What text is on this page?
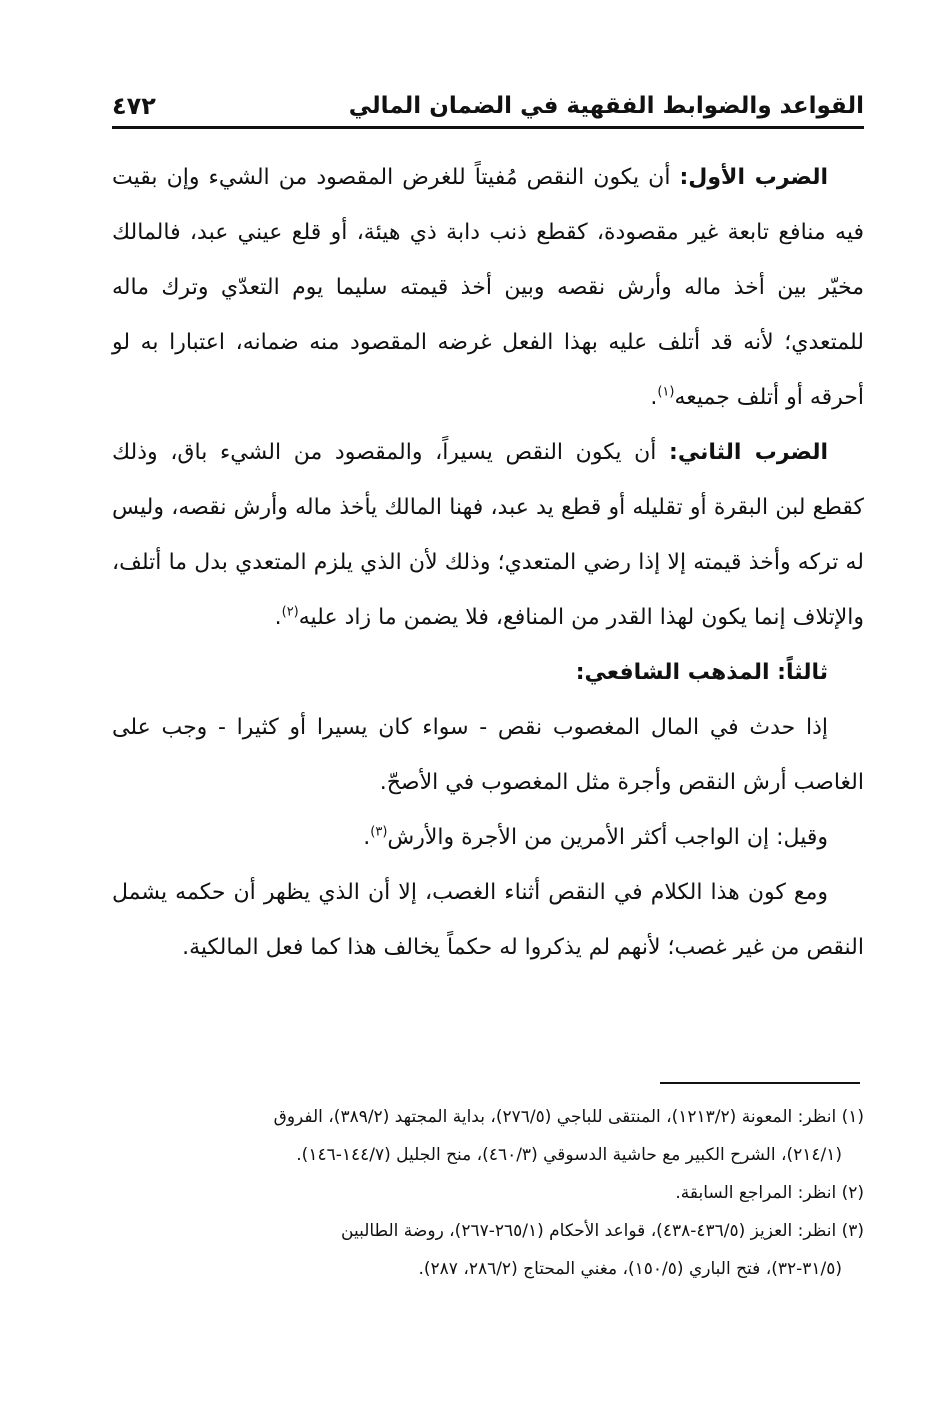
القواعد والضوابط الفقهية في الضمان المالي
٤٧٢

الضرب الأول: أن يكون النقص مُفيتاً للغرض المقصود من الشيء وإن بقيت فيه منافع تابعة غير مقصودة، كقطع ذنب دابة ذي هيئة، أو قلع عيني عبد، فالمالك مخيّر بين أخذ ماله وأرش نقصه وبين أخذ قيمته سليما يوم التعدّي وترك ماله للمتعدي؛ لأنه قد أتلف عليه بهذا الفعل غرضه المقصود منه ضمانه، اعتبارا به لو أحرقه أو أتلف جميعه$^{(١)}$.

الضرب الثاني: أن يكون النقص يسيراً، والمقصود من الشيء باق، وذلك كقطع لبن البقرة أو تقليله أو قطع يد عبد، فهنا المالك يأخذ ماله وأرش نقصه، وليس له تركه وأخذ قيمته إلا إذا رضي المتعدي؛ وذلك لأن الذي يلزم المتعدي بدل ما أتلف، والإتلاف إنما يكون لهذا القدر من المنافع، فلا يضمن ما زاد عليه$^{(٢)}$.

ثالثاً: المذهب الشافعي:

إذا حدث في المال المغصوب نقص - سواء كان يسيرا أو كثيرا - وجب على الغاصب أرش النقص وأجرة مثل المغصوب في الأصحّ.

وقيل: إن الواجب أكثر الأمرين من الأجرة والأرش$^{(٣)}$.

ومع كون هذا الكلام في النقص أثناء الغصب، إلا أن الذي يظهر أن حكمه يشمل النقص من غير غصب؛ لأنهم لم يذكروا له حكماً يخالف هذا كما فعل المالكية.

(١) انظر: المعونة (١٢١٣/٢)، المنتقى للباجي (٢٧٦/٥)، بداية المجتهد (٣٨٩/٢)، الفروق

(٢١٤/١)، الشرح الكبير مع حاشية الدسوقي (٤٦٠/٣)، منح الجليل (١٤٤/٧-١٤٦).

(٢) انظر: المراجع السابقة.

(٣) انظر: العزيز (٤٣٦/٥-٤٣٨)، قواعد الأحكام (٢٦٥/١-٢٦٧)، روضة الطالبين

(٣١/٥-٣٢)، فتح الباري (١٥٠/٥)، مغني المحتاج (٢٨٦/٢، ٢٨٧).
